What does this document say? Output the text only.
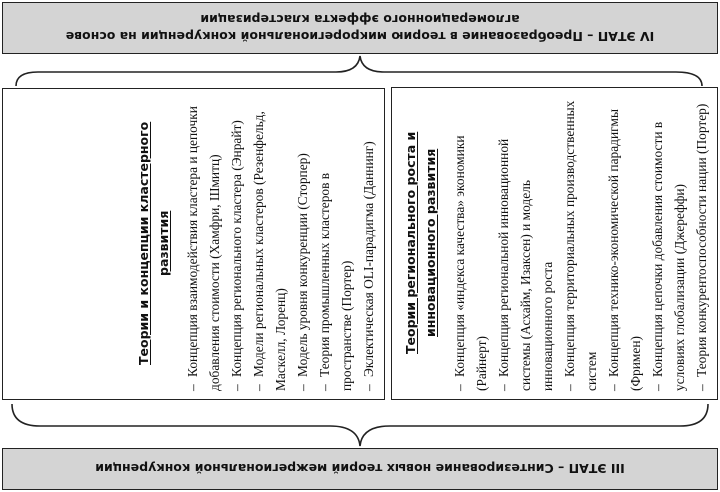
III ЭТАП – Синтезирование новых теорий межрегиональной конкуренции
Теории регионального роста и инновационного развития
– Концепция «индекса качества» экономики (Райнерт) – Концепция региональной инновационной системы (Асхайм, Изаксен) и модель инновационного роста – Концепция территориальных производственных систем – Концепция технико-экономической парадигмы (Фримен) – Концепция цепочки добавления стоимости в условиях глобализации (Джереффи) – Теория конкурентоспособности нации (Портер)
Теории и концепции кластерного развития
– Концепция взаимодействия кластера и цепочки добавления стоимости (Хамфри, Шмитц) – Концепция регионального кластера (Энрайт)
– Модели региональных кластеров (Резенфельд, Маскелл, Лоренц) – Модель уровня конкуренции (Сторпер)
– Теория промышленных кластеров в пространстве (Портер) – Эклектическая OLI-парадигма (Даннинг)
IV ЭТАП – Преобразование в теорию микрорегиональной конкуренции на основе
агломерационного эффекта кластеризации
